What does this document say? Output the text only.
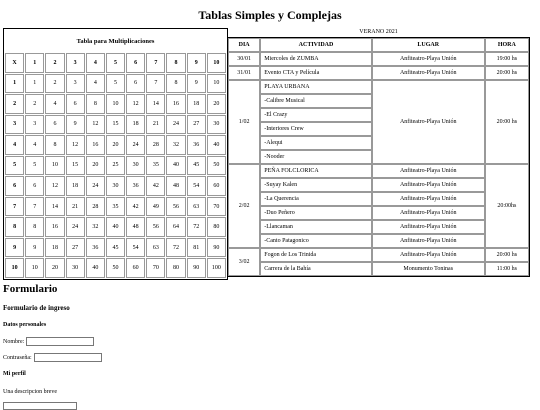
Tablas Simples y Complejas
Tabla para Multiplicaciones
X	1	2	3	4	5	6	7	8	9	10
1	1	2	3	4	5	6	7	8	9	10
2	2	4	6	8	10	12	14	16	18	20
3	3	6	9	12	15	18	21	24	27	30
4	4	8	12	16	20	24	28	32	36	40
5	5	10	15	20	25	30	35	40	45	50
6	6	12	18	24	30	36	42	48	54	60
7	7	14	21	28	35	42	49	56	63	70
8	8	16	24	32	40	48	56	64	72	80
9	9	18	27	36	45	54	63	72	81	90
10	10	20	30	40	50	60	70	80	90	100
VERANO 2021
DIA	ACTIVIDAD	LUGAR	HORA
30/01	Miercoles de ZUMBA	Anfiteatro-Playa Unión	19:00 hs
31/01	Evento CTA y Película	Anfiteatro-Playa Unión	20:00 hs
1/02	PLAYA URBANA	Anfiteatro-Playa Unión	20:00 hs
	-Calibre Musical		
	-El Crazy		
	-Interiores Crew		
	-Alequi		
	-Nooder		
2/02	PEÑA FOLCLORICA	Anfiteatro-Playa Unión	20:00hs
	-Suyay Kalen	Anfiteatro-Playa Unión	
	-La Querencia	Anfiteatro-Playa Unión	
	-Duo Peñero	Anfiteatro-Playa Unión	
	-Llancaman	Anfiteatro-Playa Unión	
	-Canto Patagonico	Anfiteatro-Playa Unión	
3/02	Fogon de Los Trinida	Anfiteatro-Playa Unión	20:00 hs
	Carrera de la Bahía	Monumento Toninas	11:00 hs
Formulario
Formulario de ingreso
Datos personales
Nombre:
Contraseña:
Mi perfil
Una descripcion breve
